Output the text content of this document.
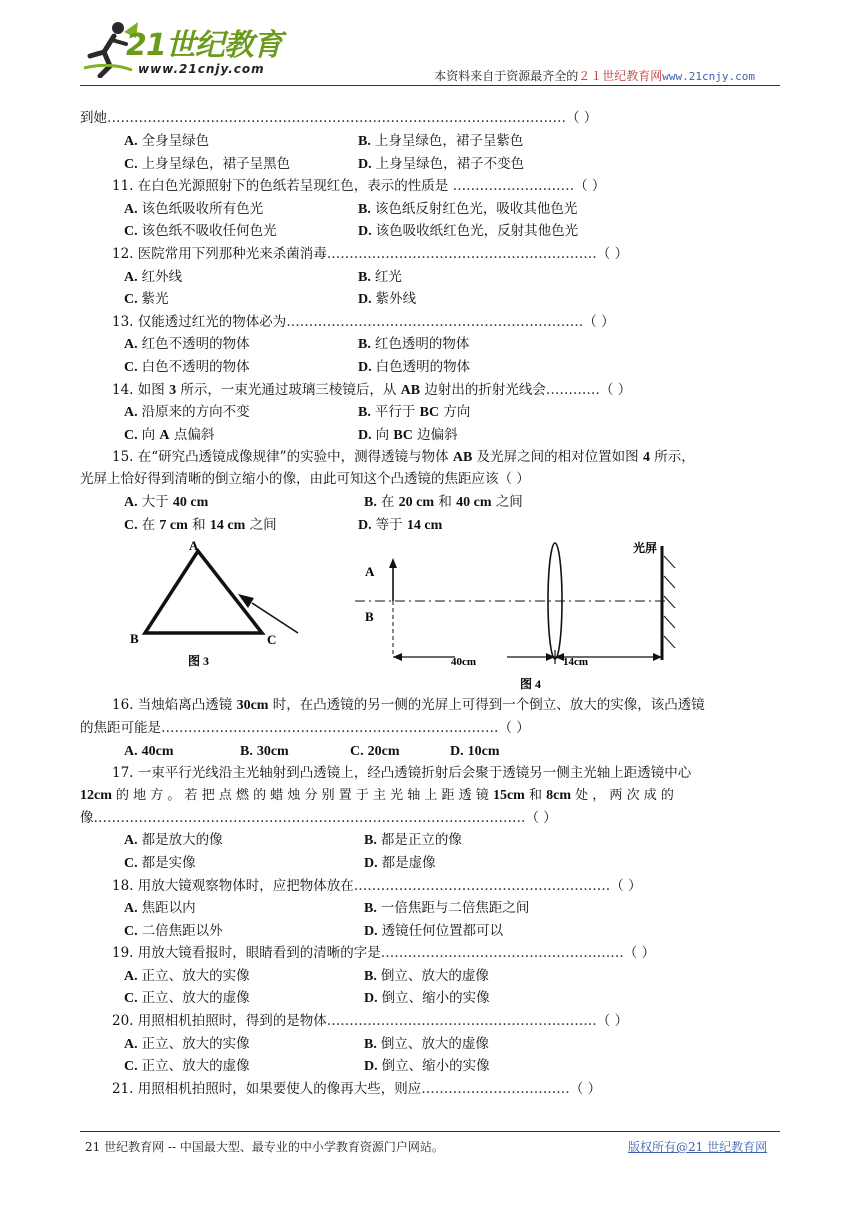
21世纪教育
www.21cnjy.com	本资料来自于资源最齐全的２１世纪教育网www.21cnjy.com
到她…………………………………………………………………………………………（ ）
A. 全身呈绿色	B. 上身呈绿色，裙子呈紫色
C. 上身呈绿色，裙子呈黑色	D. 上身呈绿色，裙子不变色
11. 在白色光源照射下的色纸若呈现红色，表示的性质是 ………………………（ ）
A. 该色纸吸收所有色光	B. 该色纸反射红色光，吸收其他色光
C. 该色纸不吸收任何色光	D. 该色吸收纸红色光，反射其他色光
12. 医院常用下列那种光来杀菌消毒……………………………………………………（ ）
A. 红外线	B. 红光
C. 紫光	D. 紫外线
13. 仅能透过红光的物体必为…………………………………………………………（ ）
A. 红色不透明的物体	B. 红色透明的物体
C. 白色不透明的物体	D. 白色透明的物体
14. 如图 3 所示，一束光通过玻璃三棱镜后，从 AB 边射出的折射光线会…………（ ）
A. 沿原来的方向不变	B. 平行于 BC 方向
C. 向 A 点偏斜	D. 向 BC 边偏斜
15. 在“研究凸透镜成像规律”的实验中，测得透镜与物体 AB 及光屏之间的相对位置如图 4 所示，
光屏上恰好得到清晰的倒立缩小的像，由此可知这个凸透镜的焦距应该（ ）
A. 大于 40 cm	B. 在 20 cm 和 40 cm 之间
C. 在 7 cm 和 14 cm 之间	D. 等于 14 cm
A
B	C
图 3
A
B
光屏
40cm	14cm
图 4
16. 当烛焰离凸透镜 30cm 时，在凸透镜的另一侧的光屏上可得到一个倒立、放大的实像，该凸透镜
的焦距可能是…………………………………………………………………（ ）
A. 40cm	B. 30cm	C. 20cm	D. 10cm
17. 一束平行光线沿主光轴射到凸透镜上，经凸透镜折射后会聚于透镜另一侧主光轴上距透镜中心
12cm 的 地 方 。 若 把 点 燃 的 蜡 烛 分 别 置 于 主 光 轴 上 距 透 镜 15cm 和 8cm 处 ， 两 次 成 的
像……………………………………………………………………………………（ ）
A. 都是放大的像	B. 都是正立的像
C. 都是实像	D. 都是虚像
18. 用放大镜观察物体时，应把物体放在…………………………………………………（ ）
A. 焦距以内	B. 一倍焦距与二倍焦距之间
C. 二倍焦距以外	D. 透镜任何位置都可以
19. 用放大镜看报时，眼睛看到的清晰的字是………………………………………………（ ）
A. 正立、放大的实像	B. 倒立、放大的虚像
C. 正立、放大的虚像	D. 倒立、缩小的实像
20. 用照相机拍照时，得到的是物体……………………………………………………（ ）
A. 正立、放大的实像	B. 倒立、放大的虚像
C. 正立、放大的虚像	D. 倒立、缩小的实像
21. 用照相机拍照时，如果要使人的像再大些，则应……………………………（ ）
21 世纪教育网 -- 中国最大型、最专业的中小学教育资源门户网站。	版权所有@21 世纪教育网
